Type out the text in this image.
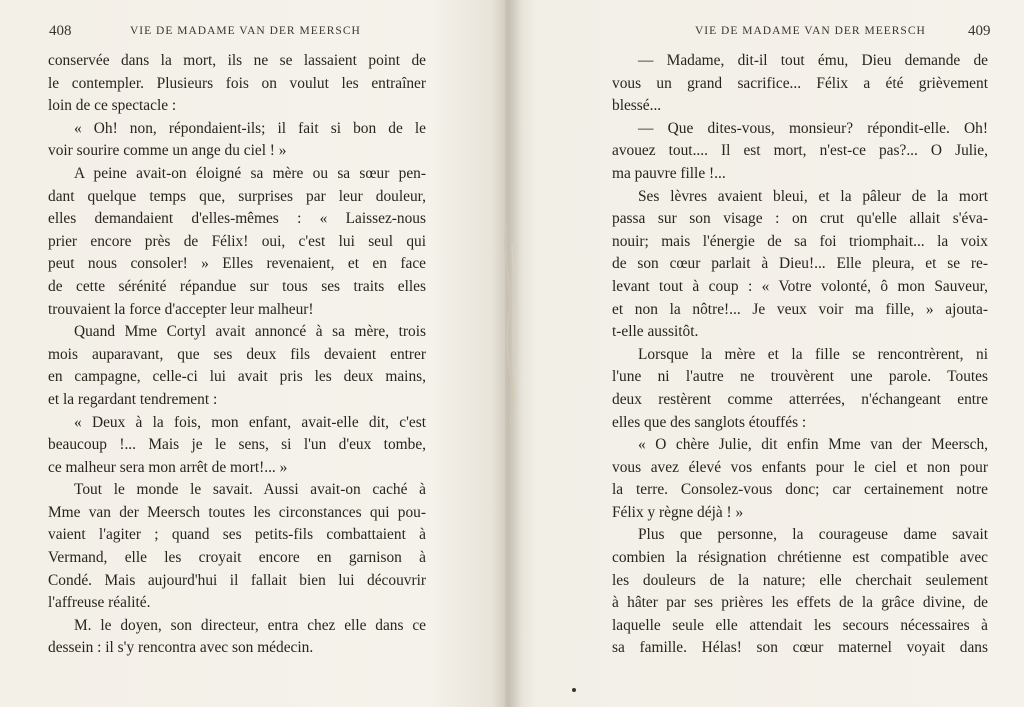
408	VIE DE MADAME VAN DER MEERSCH
conservée dans la mort, ils ne se lassaient point de
le contempler. Plusieurs fois on voulut les entraîner
loin de ce spectacle :
« Oh! non, répondaient-ils; il fait si bon de le
voir sourire comme un ange du ciel ! »
A peine avait-on éloigné sa mère ou sa sœur pen-
dant quelque temps que, surprises par leur douleur,
elles demandaient d'elles-mêmes : « Laissez-nous
prier encore près de Félix! oui, c'est lui seul qui
peut nous consoler! » Elles revenaient, et en face
de cette sérénité répandue sur tous ses traits elles
trouvaient la force d'accepter leur malheur!
Quand Mme Cortyl avait annoncé à sa mère, trois
mois auparavant, que ses deux fils devaient entrer
en campagne, celle-ci lui avait pris les deux mains,
et la regardant tendrement :
« Deux à la fois, mon enfant, avait-elle dit, c'est
beaucoup !... Mais je le sens, si l'un d'eux tombe,
ce malheur sera mon arrêt de mort!... »
Tout le monde le savait. Aussi avait-on caché à
Mme van der Meersch toutes les circonstances qui pou-
vaient l'agiter ; quand ses petits-fils combattaient à
Vermand, elle les croyait encore en garnison à
Condé. Mais aujourd'hui il fallait bien lui découvrir
l'affreuse réalité.
M. le doyen, son directeur, entra chez elle dans ce
dessein : il s'y rencontra avec son médecin.
VIE DE MADAME VAN DER MEERSCH	409
— Madame, dit-il tout ému, Dieu demande de
vous un grand sacrifice... Félix a été grièvement
blessé...
— Que dites-vous, monsieur? répondit-elle. Oh!
avouez tout.... Il est mort, n'est-ce pas?... O Julie,
ma pauvre fille !...
Ses lèvres avaient bleui, et la pâleur de la mort
passa sur son visage : on crut qu'elle allait s'éva-
nouir; mais l'énergie de sa foi triomphait... la voix
de son cœur parlait à Dieu!... Elle pleura, et se re-
levant tout à coup : « Votre volonté, ô mon Sauveur,
et non la nôtre!... Je veux voir ma fille, » ajouta-
t-elle aussitôt.
Lorsque la mère et la fille se rencontrèrent, ni
l'une ni l'autre ne trouvèrent une parole. Toutes
deux restèrent comme atterrées, n'échangeant entre
elles que des sanglots étouffés :
« O chère Julie, dit enfin Mme van der Meersch,
vous avez élevé vos enfants pour le ciel et non pour
la terre. Consolez-vous donc; car certainement notre
Félix y règne déjà ! »
Plus que personne, la courageuse dame savait
combien la résignation chrétienne est compatible avec
les douleurs de la nature; elle cherchait seulement
à hâter par ses prières les effets de la grâce divine, de
laquelle seule elle attendait les secours nécessaires à
sa famille. Hélas! son cœur maternel voyait dans
